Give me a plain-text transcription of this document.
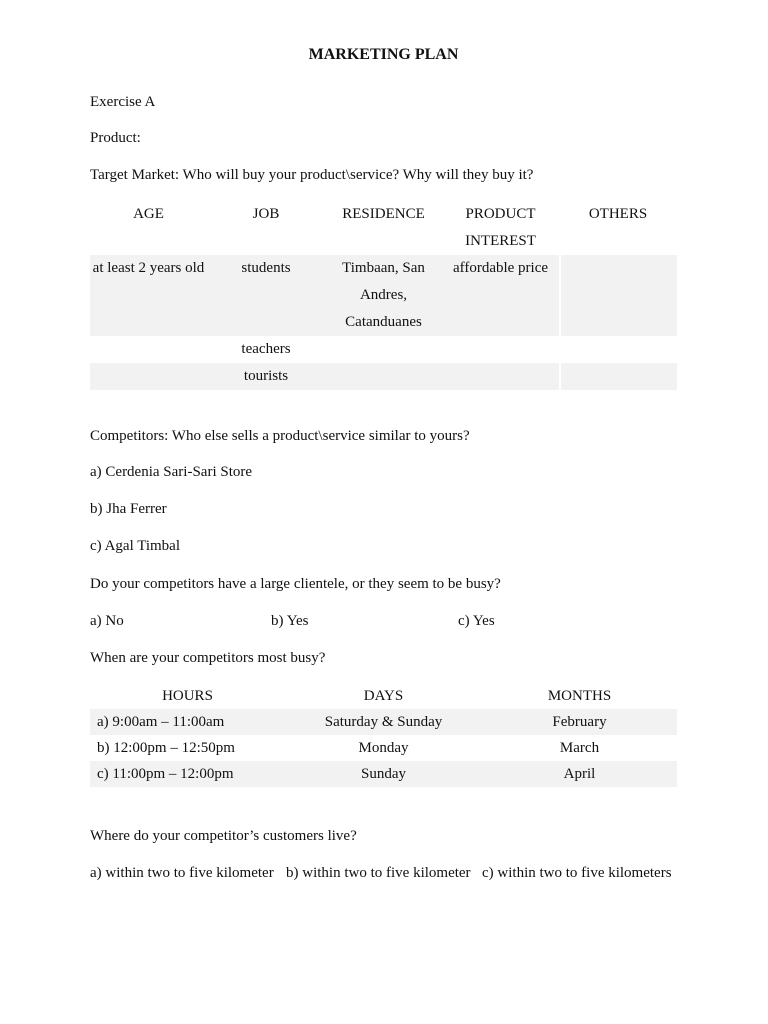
MARKETING PLAN
Exercise A
Product:
Target Market: Who will buy your product\service? Why will they buy it?
AGE	JOB	RESIDENCE	PRODUCT INTEREST	OTHERS
at least 2 years old	students	Timbaan, San Andres, Catanduanes	affordable price	
	teachers			
	tourists			
Competitors: Who else sells a product\service similar to yours?
a) Cerdenia Sari-Sari Store
b) Jha Ferrer
c) Agal Timbal
Do your competitors have a large clientele, or they seem to be busy?
a) No	b) Yes	c) Yes
When are your competitors most busy?
HOURS	DAYS	MONTHS
a) 9:00am – 11:00am	Saturday & Sunday	February
b) 12:00pm – 12:50pm	Monday	March
c) 11:00pm – 12:00pm	Sunday	April
Where do your competitor’s customers live?
a) within two to five kilometer b) within two to five kilometer c) within two to five kilometers
